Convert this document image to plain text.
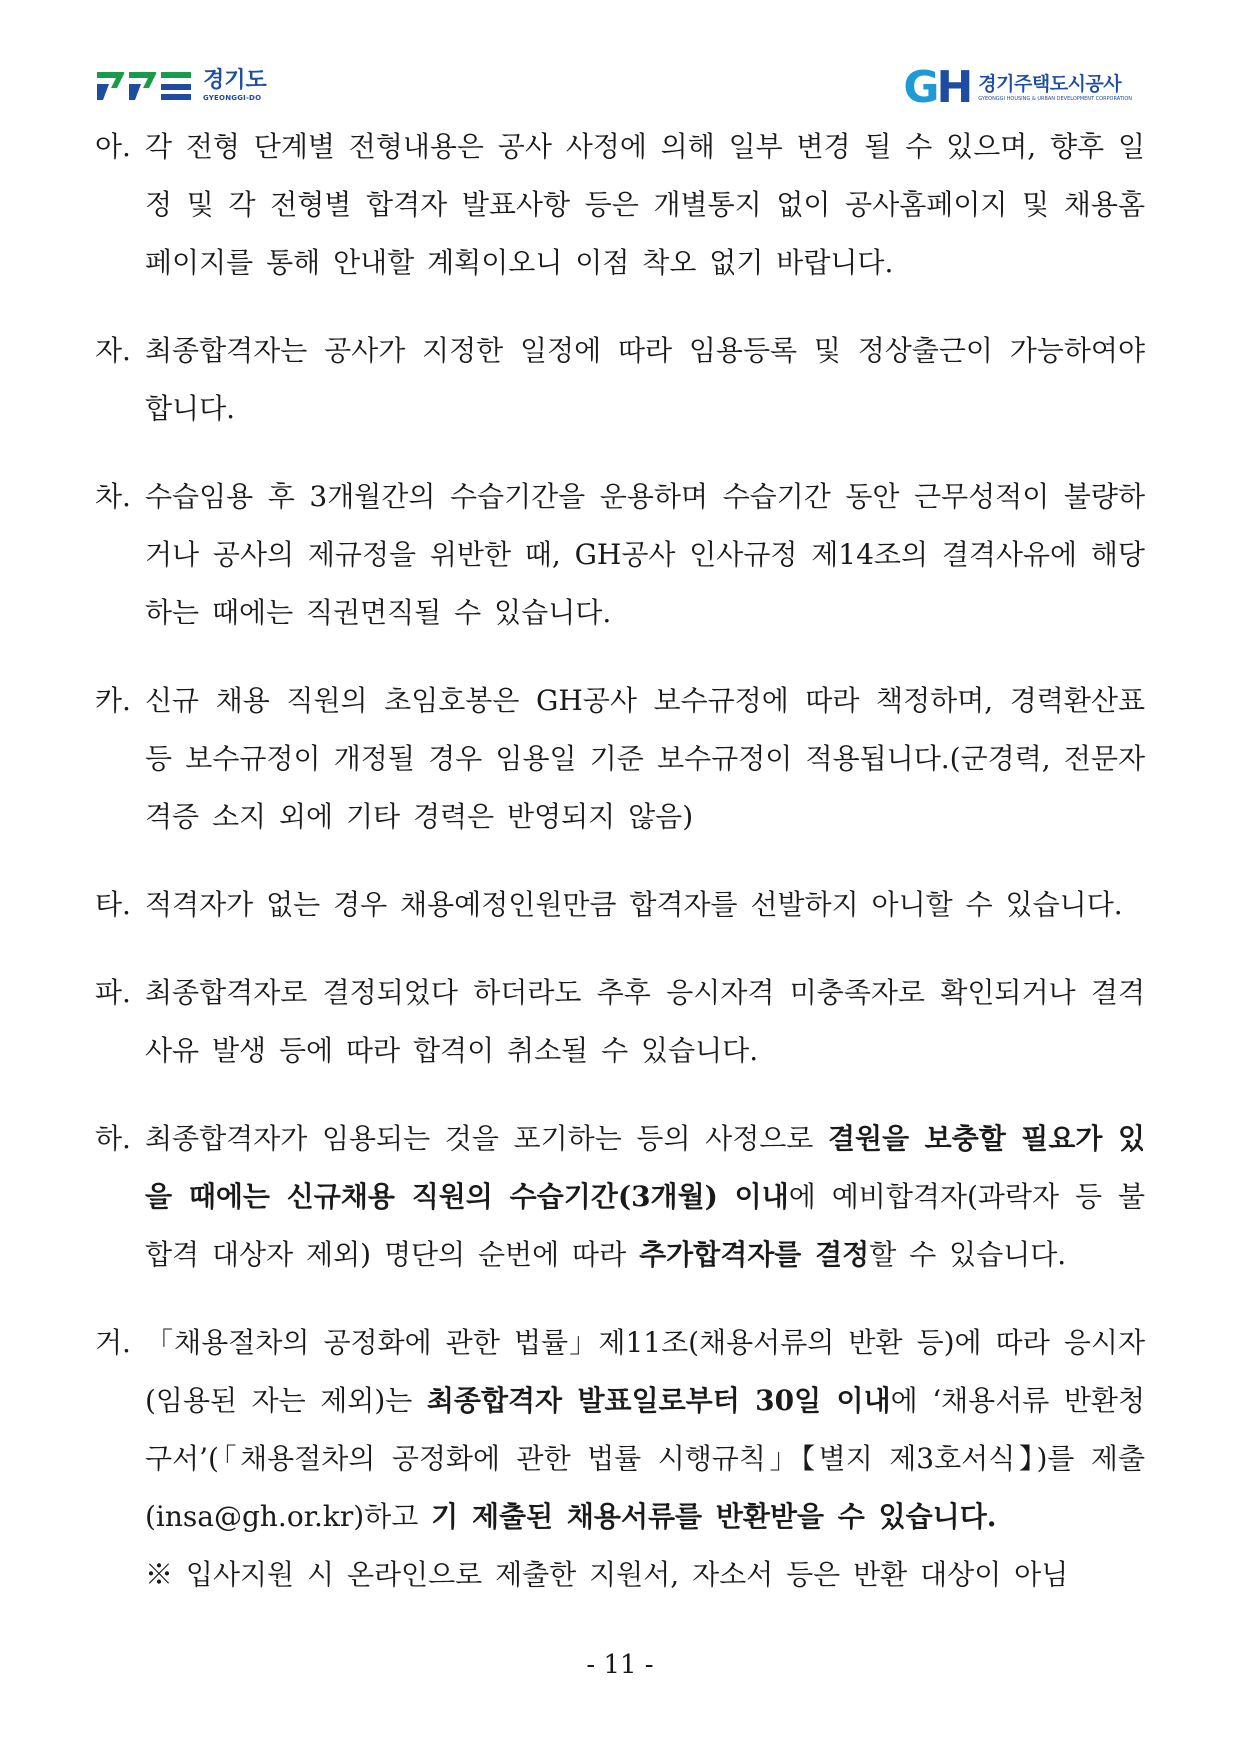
경기도
GYEONGGI-DO	GH 경기주택도시공사
GYEONGGI HOUSING & URBAN DEVELOPMENT CORPORATION
아. 각 전형 단계별 전형내용은 공사 사정에 의해 일부 변경 될 수 있으며, 향후 일정 및 각 전형별 합격자 발표사항 등은 개별통지 없이 공사홈페이지 및 채용홈페이지를 통해 안내할 계획이오니 이점 착오 없기 바랍니다.
자. 최종합격자는 공사가 지정한 일정에 따라 임용등록 및 정상출근이 가능하여야 합니다.
차. 수습임용 후 3개월간의 수습기간을 운용하며 수습기간 동안 근무성적이 불량하거나 공사의 제규정을 위반한 때, GH공사 인사규정 제14조의 결격사유에 해당하는 때에는 직권면직될 수 있습니다.
카. 신규 채용 직원의 초임호봉은 GH공사 보수규정에 따라 책정하며, 경력환산표 등 보수규정이 개정될 경우 임용일 기준 보수규정이 적용됩니다.(군경력, 전문자격증 소지 외에 기타 경력은 반영되지 않음)
타. 적격자가 없는 경우 채용예정인원만큼 합격자를 선발하지 아니할 수 있습니다.
파. 최종합격자로 결정되었다 하더라도 추후 응시자격 미충족자로 확인되거나 결격사유 발생 등에 따라 합격이 취소될 수 있습니다.
하. 최종합격자가 임용되는 것을 포기하는 등의 사정으로 결원을 보충할 필요가 있을 때에는 신규채용 직원의 수습기간(3개월) 이내에 예비합격자(과락자 등 불합격 대상자 제외) 명단의 순번에 따라 추가합격자를 결정할 수 있습니다.
거. 「채용절차의 공정화에 관한 법률」제11조(채용서류의 반환 등)에 따라 응시자(임용된 자는 제외)는 최종합격자 발표일로부터 30일 이내에 ‘채용서류 반환청구서’(「채용절차의 공정화에 관한 법률 시행규칙」【별지 제3호서식】)를 제출(insa@gh.or.kr)하고 기 제출된 채용서류를 반환받을 수 있습니다.
※ 입사지원 시 온라인으로 제출한 지원서, 자소서 등은 반환 대상이 아님
- 11 -
